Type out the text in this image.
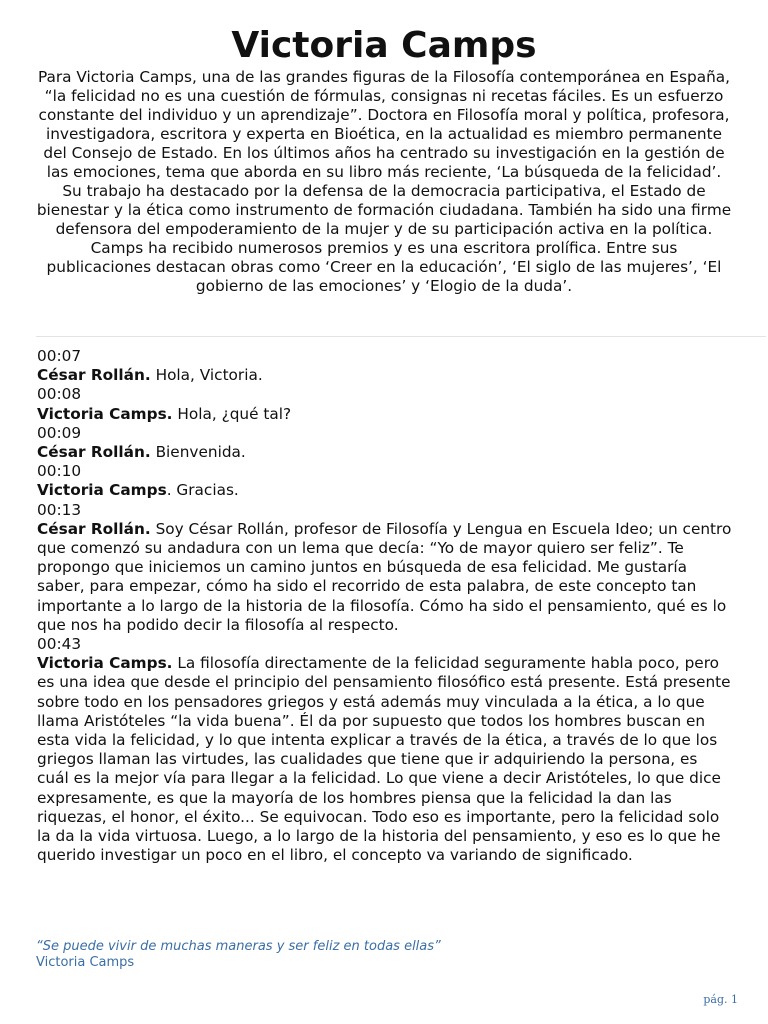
Victoria Camps

Para Victoria Camps, una de las grandes figuras de la Filosofía contemporánea en España, “la felicidad no es una cuestión de fórmulas, consignas ni recetas fáciles. Es un esfuerzo constante del individuo y un aprendizaje”. Doctora en Filosofía moral y política, profesora, investigadora, escritora y experta en Bioética, en la actualidad es miembro permanente del Consejo de Estado. En los últimos años ha centrado su investigación en la gestión de las emociones, tema que aborda en su libro más reciente, ‘La búsqueda de la felicidad’. Su trabajo ha destacado por la defensa de la democracia participativa, el Estado de bienestar y la ética como instrumento de formación ciudadana. También ha sido una firme defensora del empoderamiento de la mujer y de su participación activa en la política. Camps ha recibido numerosos premios y es una escritora prolífica. Entre sus publicaciones destacan obras como ‘Creer en la educación’, ‘El siglo de las mujeres’, ‘El gobierno de las emociones’ y ‘Elogio de la duda’.

00:07
César Rollán. Hola, Victoria.
00:08
Victoria Camps. Hola, ¿qué tal?
00:09
César Rollán. Bienvenida.
00:10
Victoria Camps. Gracias.
00:13
César Rollán. Soy César Rollán, profesor de Filosofía y Lengua en Escuela Ideo; un centro que comenzó su andadura con un lema que decía: “Yo de mayor quiero ser feliz”. Te propongo que iniciemos un camino juntos en búsqueda de esa felicidad. Me gustaría saber, para empezar, cómo ha sido el recorrido de esta palabra, de este concepto tan importante a lo largo de la historia de la filosofía. Cómo ha sido el pensamiento, qué es lo que nos ha podido decir la filosofía al respecto.
00:43
Victoria Camps. La filosofía directamente de la felicidad seguramente habla poco, pero es una idea que desde el principio del pensamiento filosófico está presente. Está presente sobre todo en los pensadores griegos y está además muy vinculada a la ética, a lo que llama Aristóteles “la vida buena”. Él da por supuesto que todos los hombres buscan en esta vida la felicidad, y lo que intenta explicar a través de la ética, a través de lo que los griegos llaman las virtudes, las cualidades que tiene que ir adquiriendo la persona, es cuál es la mejor vía para llegar a la felicidad. Lo que viene a decir Aristóteles, lo que dice expresamente, es que la mayoría de los hombres piensa que la felicidad la dan las riquezas, el honor, el éxito... Se equivocan. Todo eso es importante, pero la felicidad solo la da la vida virtuosa. Luego, a lo largo de la historia del pensamiento, y eso es lo que he querido investigar un poco en el libro, el concepto va variando de significado.
“Se puede vivir de muchas maneras y ser feliz en todas ellas”
Victoria Camps
pág. 1
